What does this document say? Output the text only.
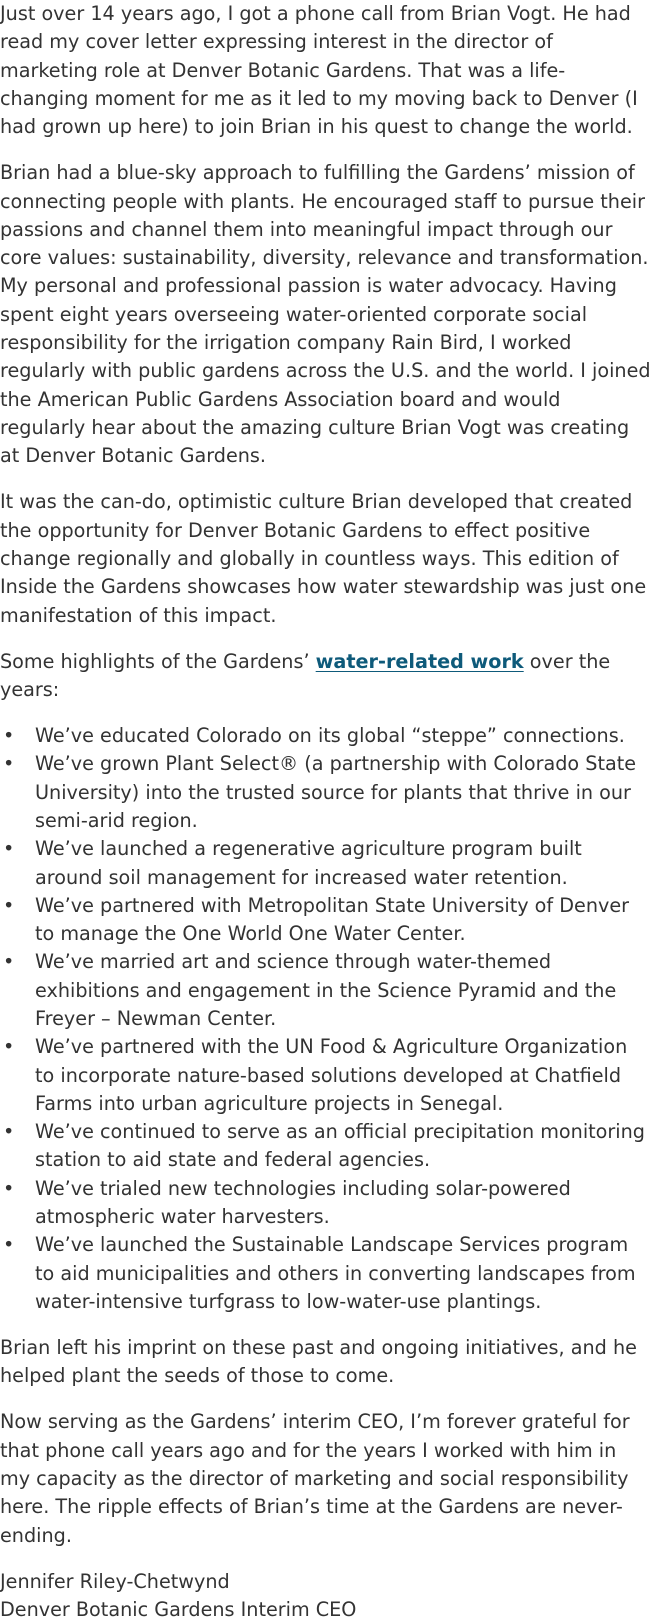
Just over 14 years ago, I got a phone call from Brian Vogt. He had read my cover letter expressing interest in the director of marketing role at Denver Botanic Gardens. That was a life-changing moment for me as it led to my moving back to Denver (I had grown up here) to join Brian in his quest to change the world.

Brian had a blue-sky approach to fulfilling the Gardens’ mission of connecting people with plants. He encouraged staff to pursue their passions and channel them into meaningful impact through our core values: sustainability, diversity, relevance and transformation. My personal and professional passion is water advocacy. Having spent eight years overseeing water-oriented corporate social responsibility for the irrigation company Rain Bird, I worked regularly with public gardens across the U.S. and the world. I joined the American Public Gardens Association board and would regularly hear about the amazing culture Brian Vogt was creating at Denver Botanic Gardens.

It was the can-do, optimistic culture Brian developed that created the opportunity for Denver Botanic Gardens to effect positive change regionally and globally in countless ways. This edition of Inside the Gardens showcases how water stewardship was just one manifestation of this impact.

Some highlights of the Gardens’ water-related work over the years:

• We’ve educated Colorado on its global “steppe” connections.
• We’ve grown Plant Select® (a partnership with Colorado State University) into the trusted source for plants that thrive in our semi-arid region.
• We’ve launched a regenerative agriculture program built around soil management for increased water retention.
• We’ve partnered with Metropolitan State University of Denver to manage the One World One Water Center.
• We’ve married art and science through water-themed exhibitions and engagement in the Science Pyramid and the Freyer – Newman Center.
• We’ve partnered with the UN Food & Agriculture Organization to incorporate nature-based solutions developed at Chatfield Farms into urban agriculture projects in Senegal.
• We’ve continued to serve as an official precipitation monitoring station to aid state and federal agencies.
• We’ve trialed new technologies including solar-powered atmospheric water harvesters.
• We’ve launched the Sustainable Landscape Services program to aid municipalities and others in converting landscapes from water-intensive turfgrass to low-water-use plantings.

Brian left his imprint on these past and ongoing initiatives, and he helped plant the seeds of those to come.

Now serving as the Gardens’ interim CEO, I’m forever grateful for that phone call years ago and for the years I worked with him in my capacity as the director of marketing and social responsibility here. The ripple effects of Brian’s time at the Gardens are never-ending.

Jennifer Riley-Chetwynd
Denver Botanic Gardens Interim CEO
